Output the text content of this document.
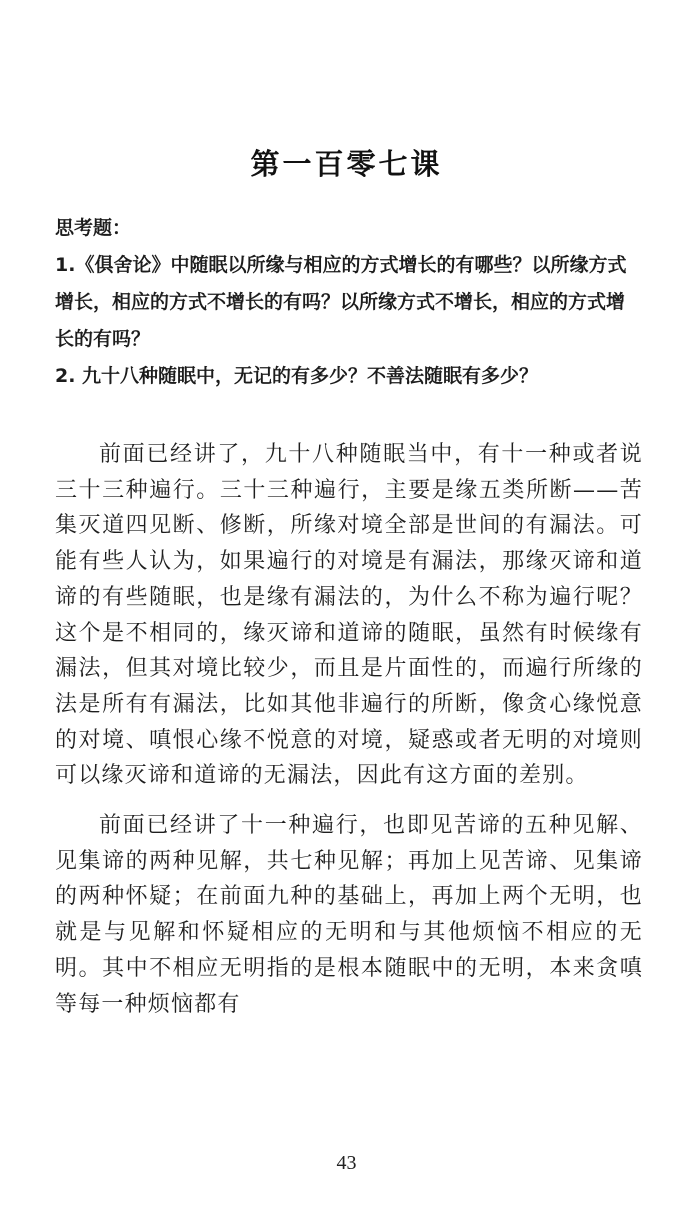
第一百零七课

思考题：

1.《俱舍论》中随眠以所缘与相应的方式增长的有哪些？以所缘方式增长，相应的方式不增长的有吗？以所缘方式不增长，相应的方式增长的有吗？

2. 九十八种随眠中，无记的有多少？不善法随眠有多少？

前面已经讲了，九十八种随眠当中，有十一种或者说三十三种遍行。三十三种遍行，主要是缘五类所断——苦集灭道四见断、修断，所缘对境全部是世间的有漏法。可能有些人认为，如果遍行的对境是有漏法，那缘灭谛和道谛的有些随眠，也是缘有漏法的，为什么不称为遍行呢？这个是不相同的，缘灭谛和道谛的随眠，虽然有时候缘有漏法，但其对境比较少，而且是片面性的，而遍行所缘的法是所有有漏法，比如其他非遍行的所断，像贪心缘悦意的对境、嗔恨心缘不悦意的对境，疑惑或者无明的对境则可以缘灭谛和道谛的无漏法，因此有这方面的差别。

前面已经讲了十一种遍行，也即见苦谛的五种见解、见集谛的两种见解，共七种见解；再加上见苦谛、见集谛的两种怀疑；在前面九种的基础上，再加上两个无明，也就是与见解和怀疑相应的无明和与其他烦恼不相应的无明。其中不相应无明指的是根本随眠中的无明，本来贪嗔等每一种烦恼都有

43
